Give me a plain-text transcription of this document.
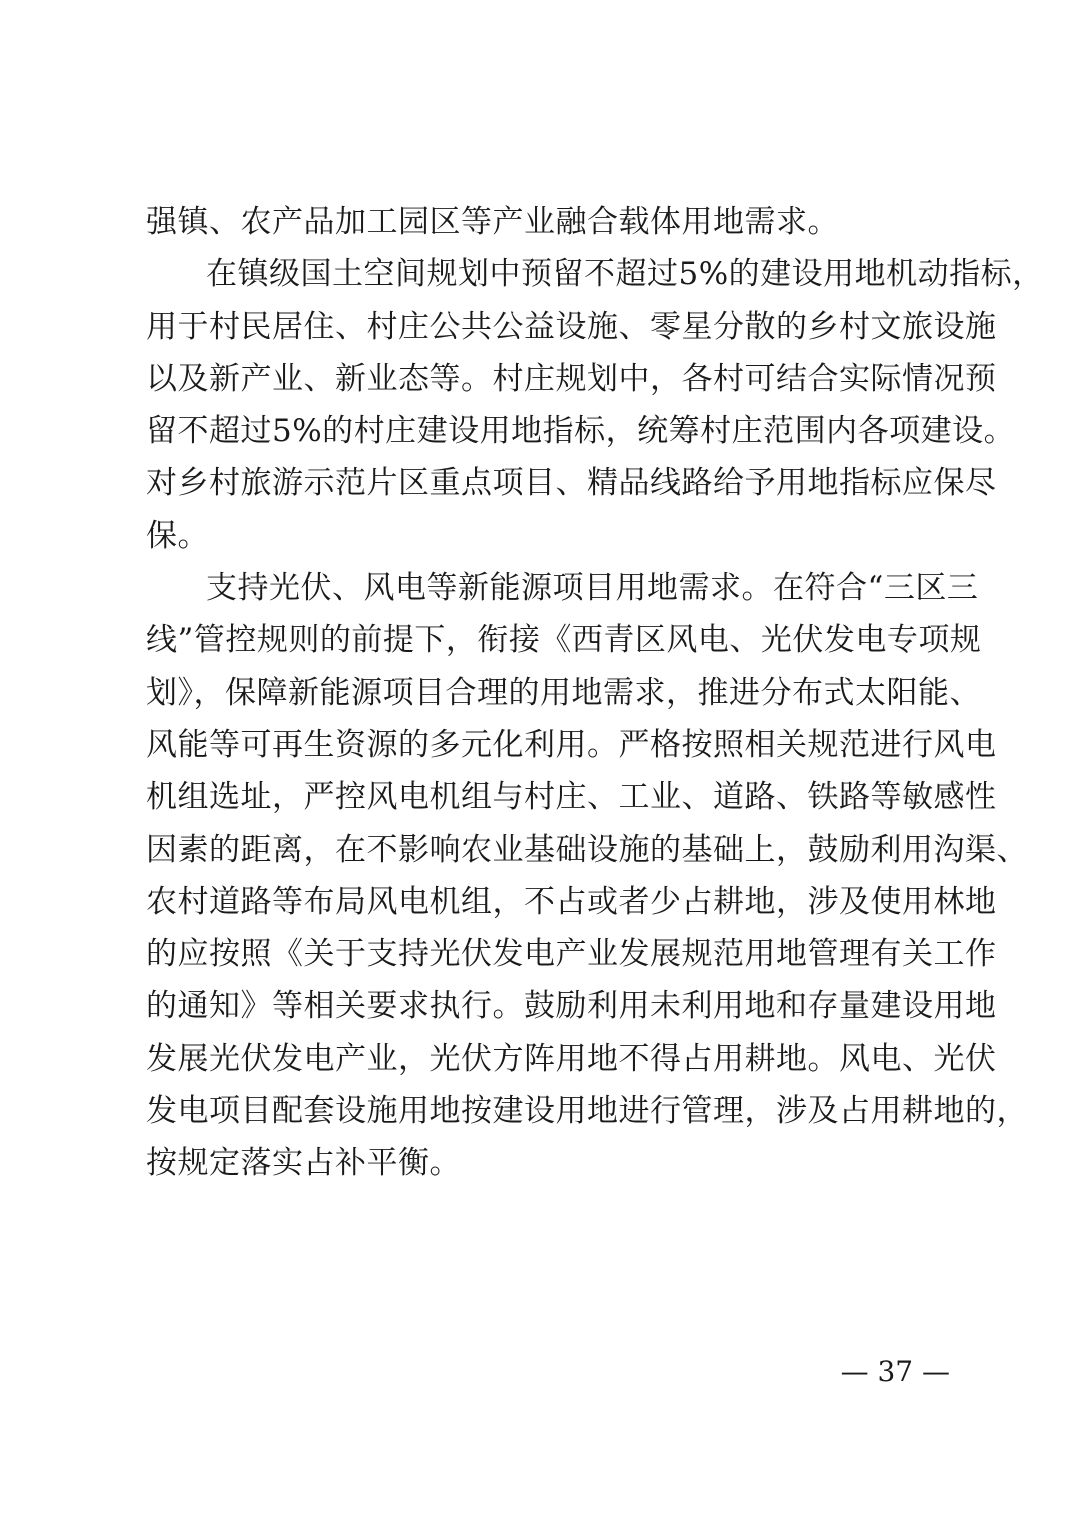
强镇、农产品加工园区等产业融合载体用地需求。
在镇级国土空间规划中预留不超过5%的建设用地机动指标，
用于村民居住、村庄公共公益设施、零星分散的乡村文旅设施
以及新产业、新业态等。村庄规划中，各村可结合实际情况预
留不超过5%的村庄建设用地指标，统筹村庄范围内各项建设。
对乡村旅游示范片区重点项目、精品线路给予用地指标应保尽
保。
支持光伏、风电等新能源项目用地需求。在符合“三区三
线”管控规则的前提下，衔接《西青区风电、光伏发电专项规
划》，保障新能源项目合理的用地需求，推进分布式太阳能、
风能等可再生资源的多元化利用。严格按照相关规范进行风电
机组选址，严控风电机组与村庄、工业、道路、铁路等敏感性
因素的距离，在不影响农业基础设施的基础上，鼓励利用沟渠、
农村道路等布局风电机组，不占或者少占耕地，涉及使用林地
的应按照《关于支持光伏发电产业发展规范用地管理有关工作
的通知》等相关要求执行。鼓励利用未利用地和存量建设用地
发展光伏发电产业，光伏方阵用地不得占用耕地。风电、光伏
发电项目配套设施用地按建设用地进行管理，涉及占用耕地的，
按规定落实占补平衡。
— 37 —
